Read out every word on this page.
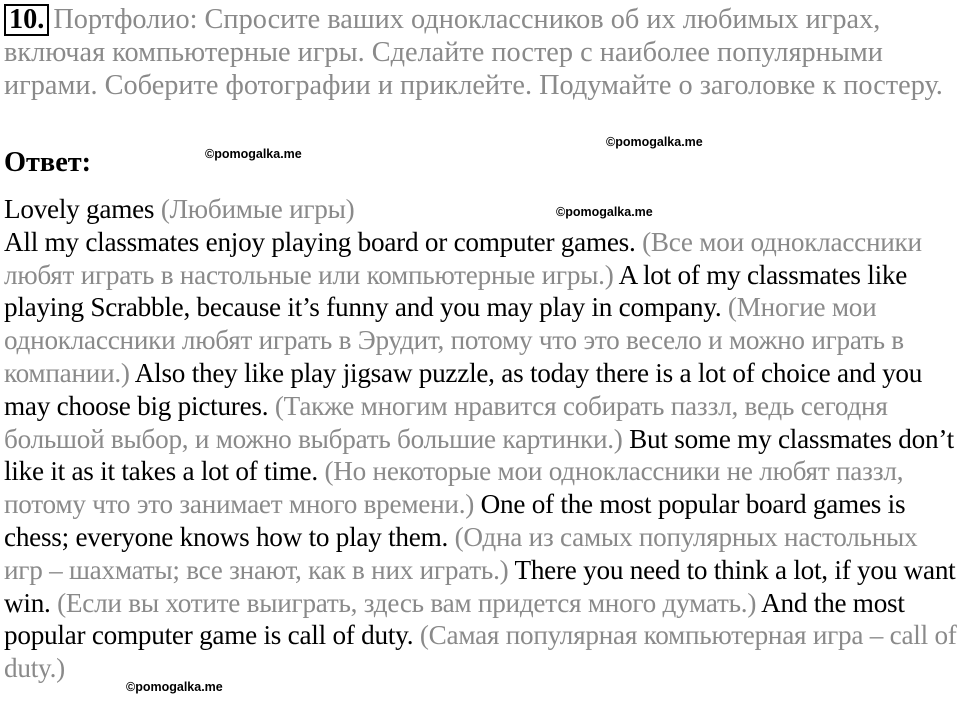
10. Портфолио: Спросите ваших одноклассников об их любимых играх, включая компьютерные игры. Сделайте постер с наиболее популярными играми. Соберите фотографии и приклейте. Подумайте о заголовке к постеру.
Ответ:
Lovely games (Любимые игры)
All my classmates enjoy playing board or computer games. (Все мои одноклассники любят играть в настольные или компьютерные игры.) A lot of my classmates like playing Scrabble, because it’s funny and you may play in company. (Многие мои одноклассники любят играть в Эрудит, потому что это весело и можно играть в компании.) Also they like play jigsaw puzzle, as today there is a lot of choice and you may choose big pictures. (Также многим нравится собирать паззл, ведь сегодня большой выбор, и можно выбрать большие картинки.) But some my classmates don’t like it as it takes a lot of time. (Но некоторые мои одноклассники не любят паззл, потому что это занимает много времени.) One of the most popular board games is chess; everyone knows how to play them. (Одна из самых популярных настольных игр – шахматы; все знают, как в них играть.) There you need to think a lot, if you want win. (Если вы хотите выиграть, здесь вам придется много думать.) And the most popular computer game is call of duty. (Самая популярная компьютерная игра – call of duty.)
©pomogalka.me
©pomogalka.me
©pomogalka.me
©pomogalka.me
